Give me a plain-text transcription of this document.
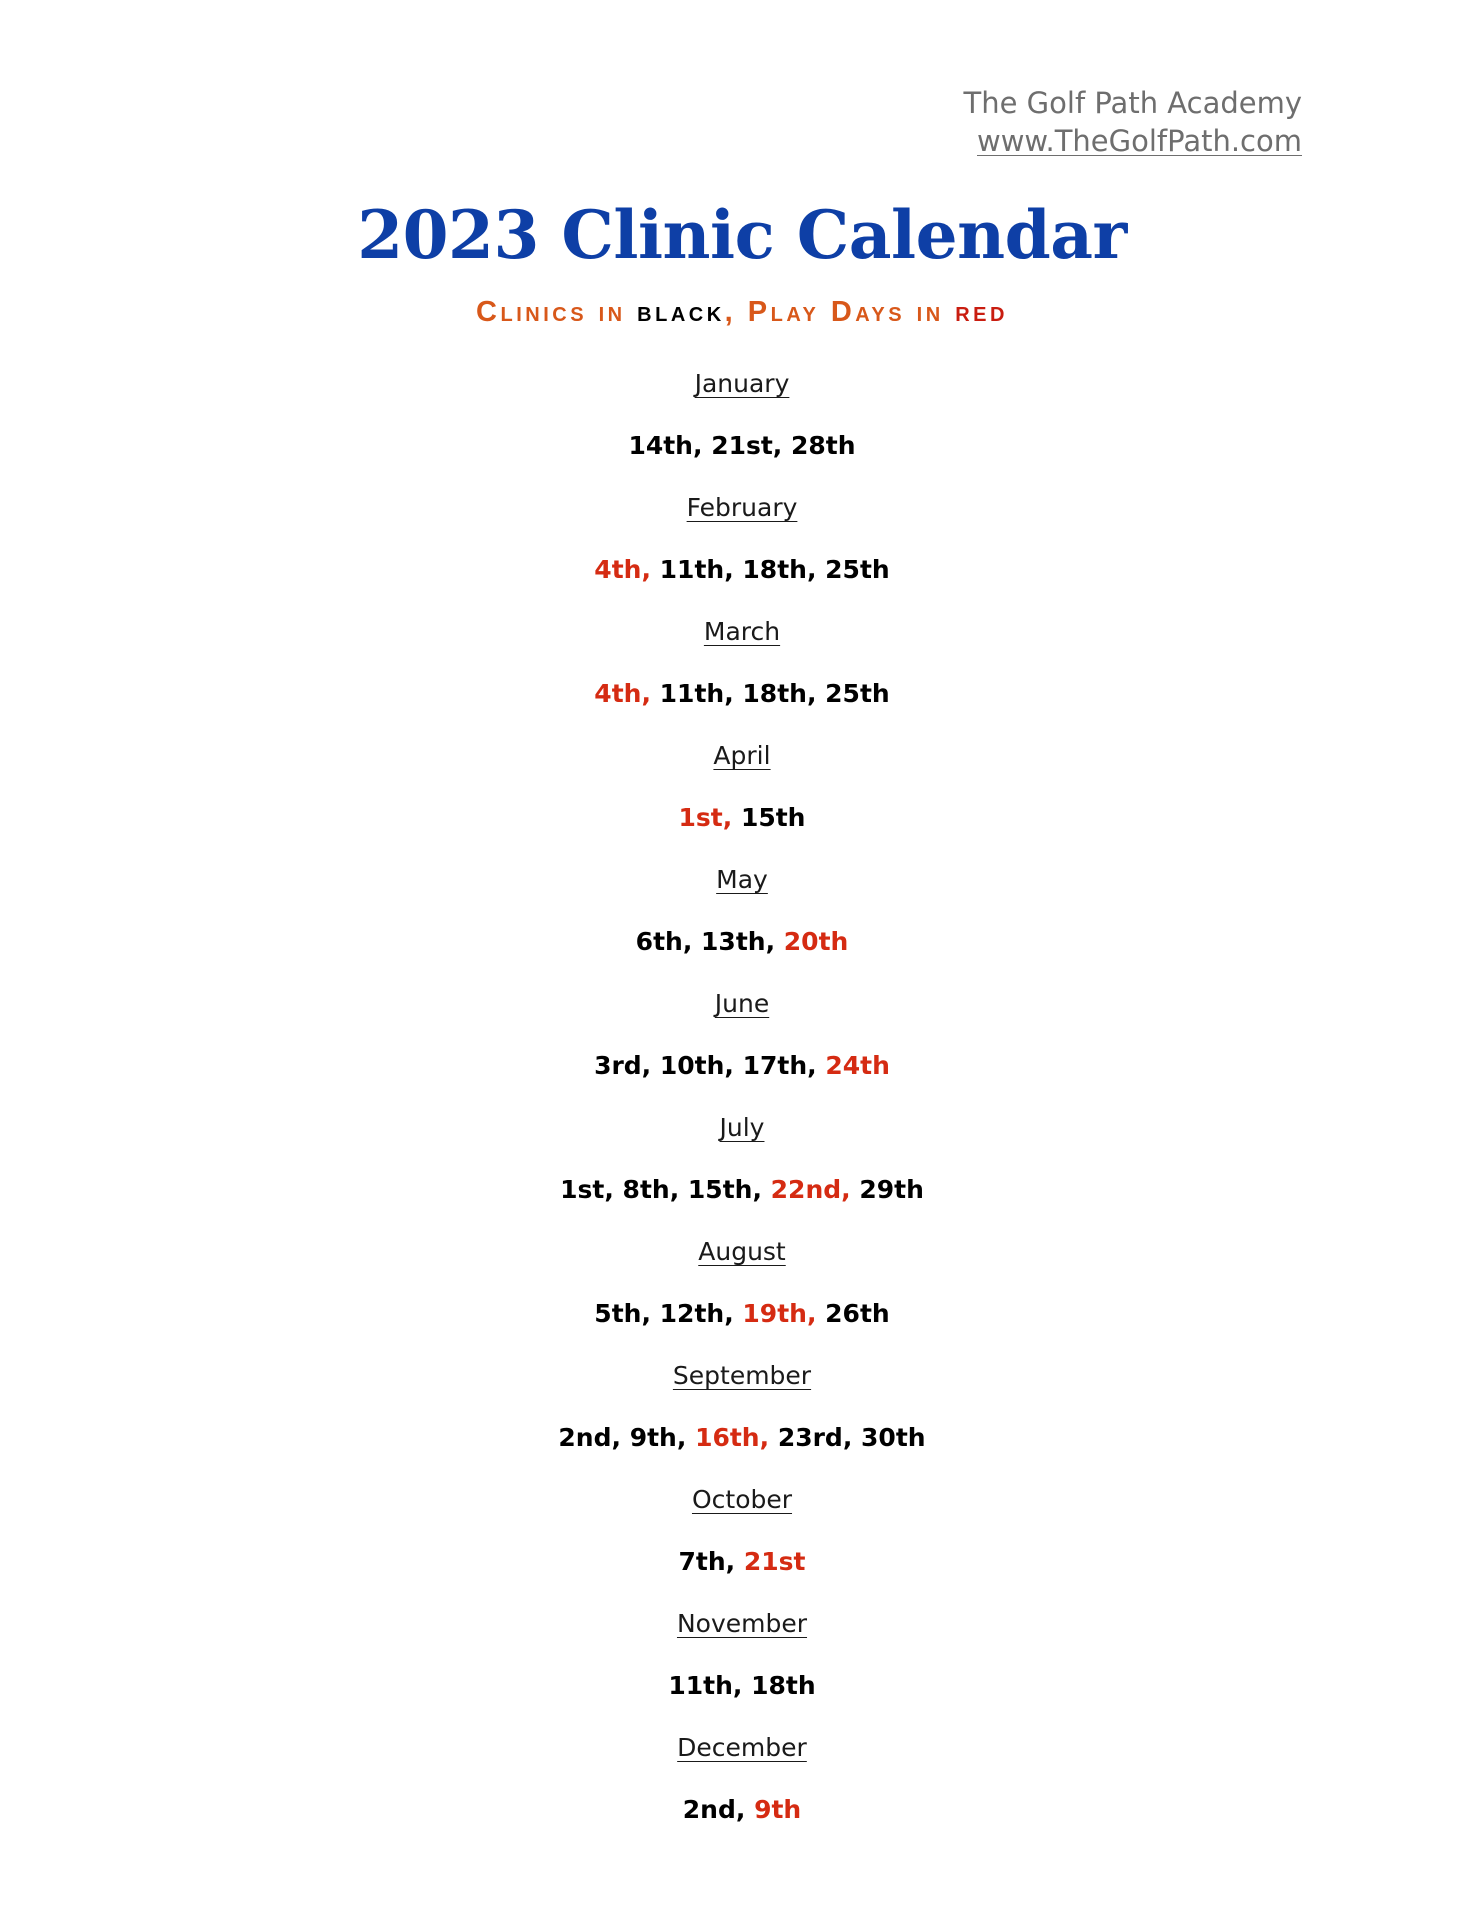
The Golf Path Academy
www.TheGolfPath.com
2023 Clinic Calendar
Clinics in black, Play Days in red
January
14th, 21st, 28th
February
4th, 11th, 18th, 25th
March
4th, 11th, 18th, 25th
April
1st, 15th
May
6th, 13th, 20th
June
3rd, 10th, 17th, 24th
July
1st, 8th, 15th, 22nd, 29th
August
5th, 12th, 19th, 26th
September
2nd, 9th, 16th, 23rd, 30th
October
7th, 21st
November
11th, 18th
December
2nd, 9th
